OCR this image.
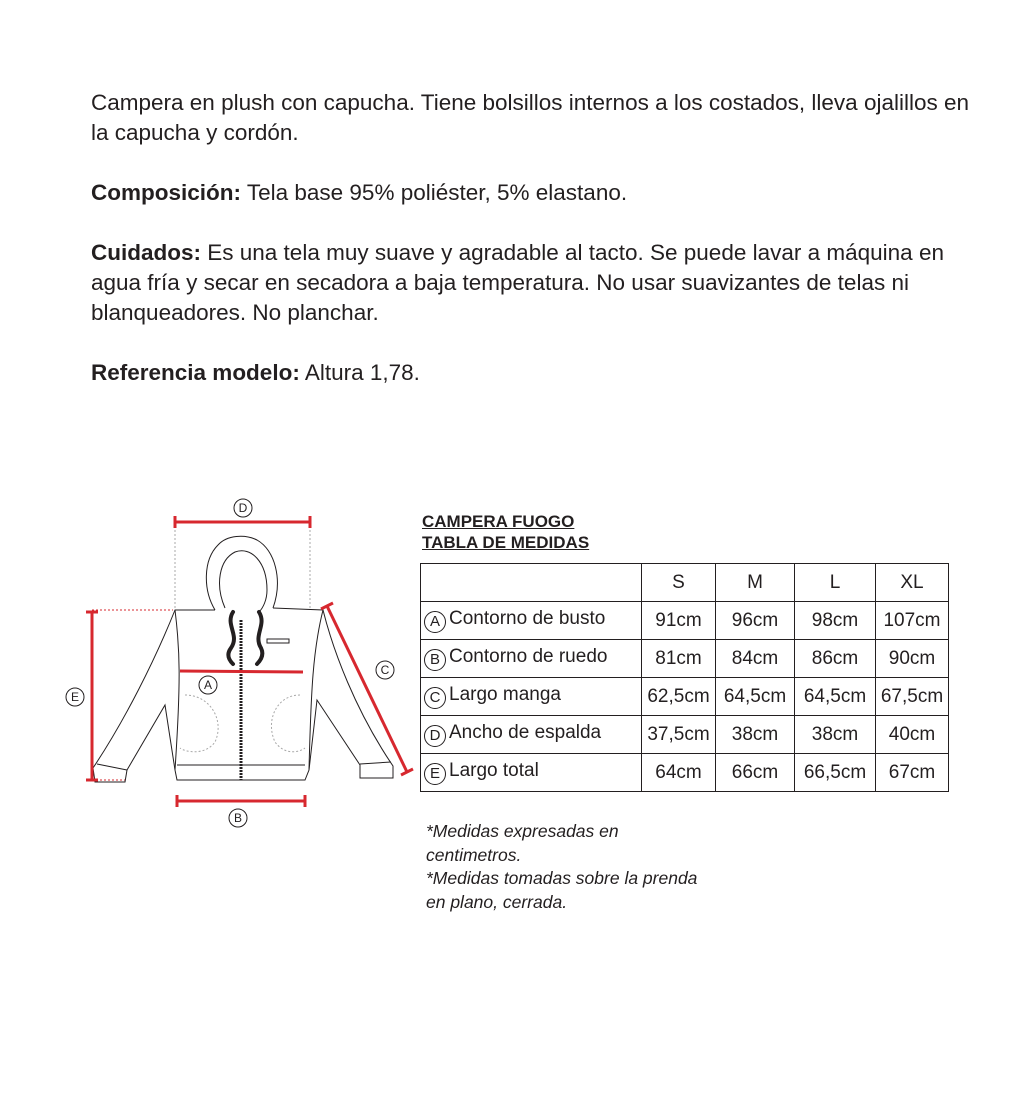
Campera en plush con capucha. Tiene bolsillos internos a los costados, lleva ojalillos en la capucha y cordón.

Composición: Tela base 95% poliéster, 5% elastano.

Cuidados: Es una tela muy suave y agradable al tacto. Se puede lavar a máquina en agua fría y secar en secadora a baja temperatura. No usar suavizantes de telas ni blanqueadores. No planchar.

Referencia modelo: Altura 1,78.

D
C
A
E
B
CAMPERA FUOGO
TABLA DE MEDIDAS
	S	M	L	XL
A Contorno de busto	91cm	96cm	98cm	107cm
B Contorno de ruedo	81cm	84cm	86cm	90cm
C Largo manga	62,5cm	64,5cm	64,5cm	67,5cm
D Ancho de espalda	37,5cm	38cm	38cm	40cm
E Largo total	64cm	66cm	66,5cm	67cm
*Medidas expresadas en
centimetros.
*Medidas tomadas sobre la prenda
en plano, cerrada.
